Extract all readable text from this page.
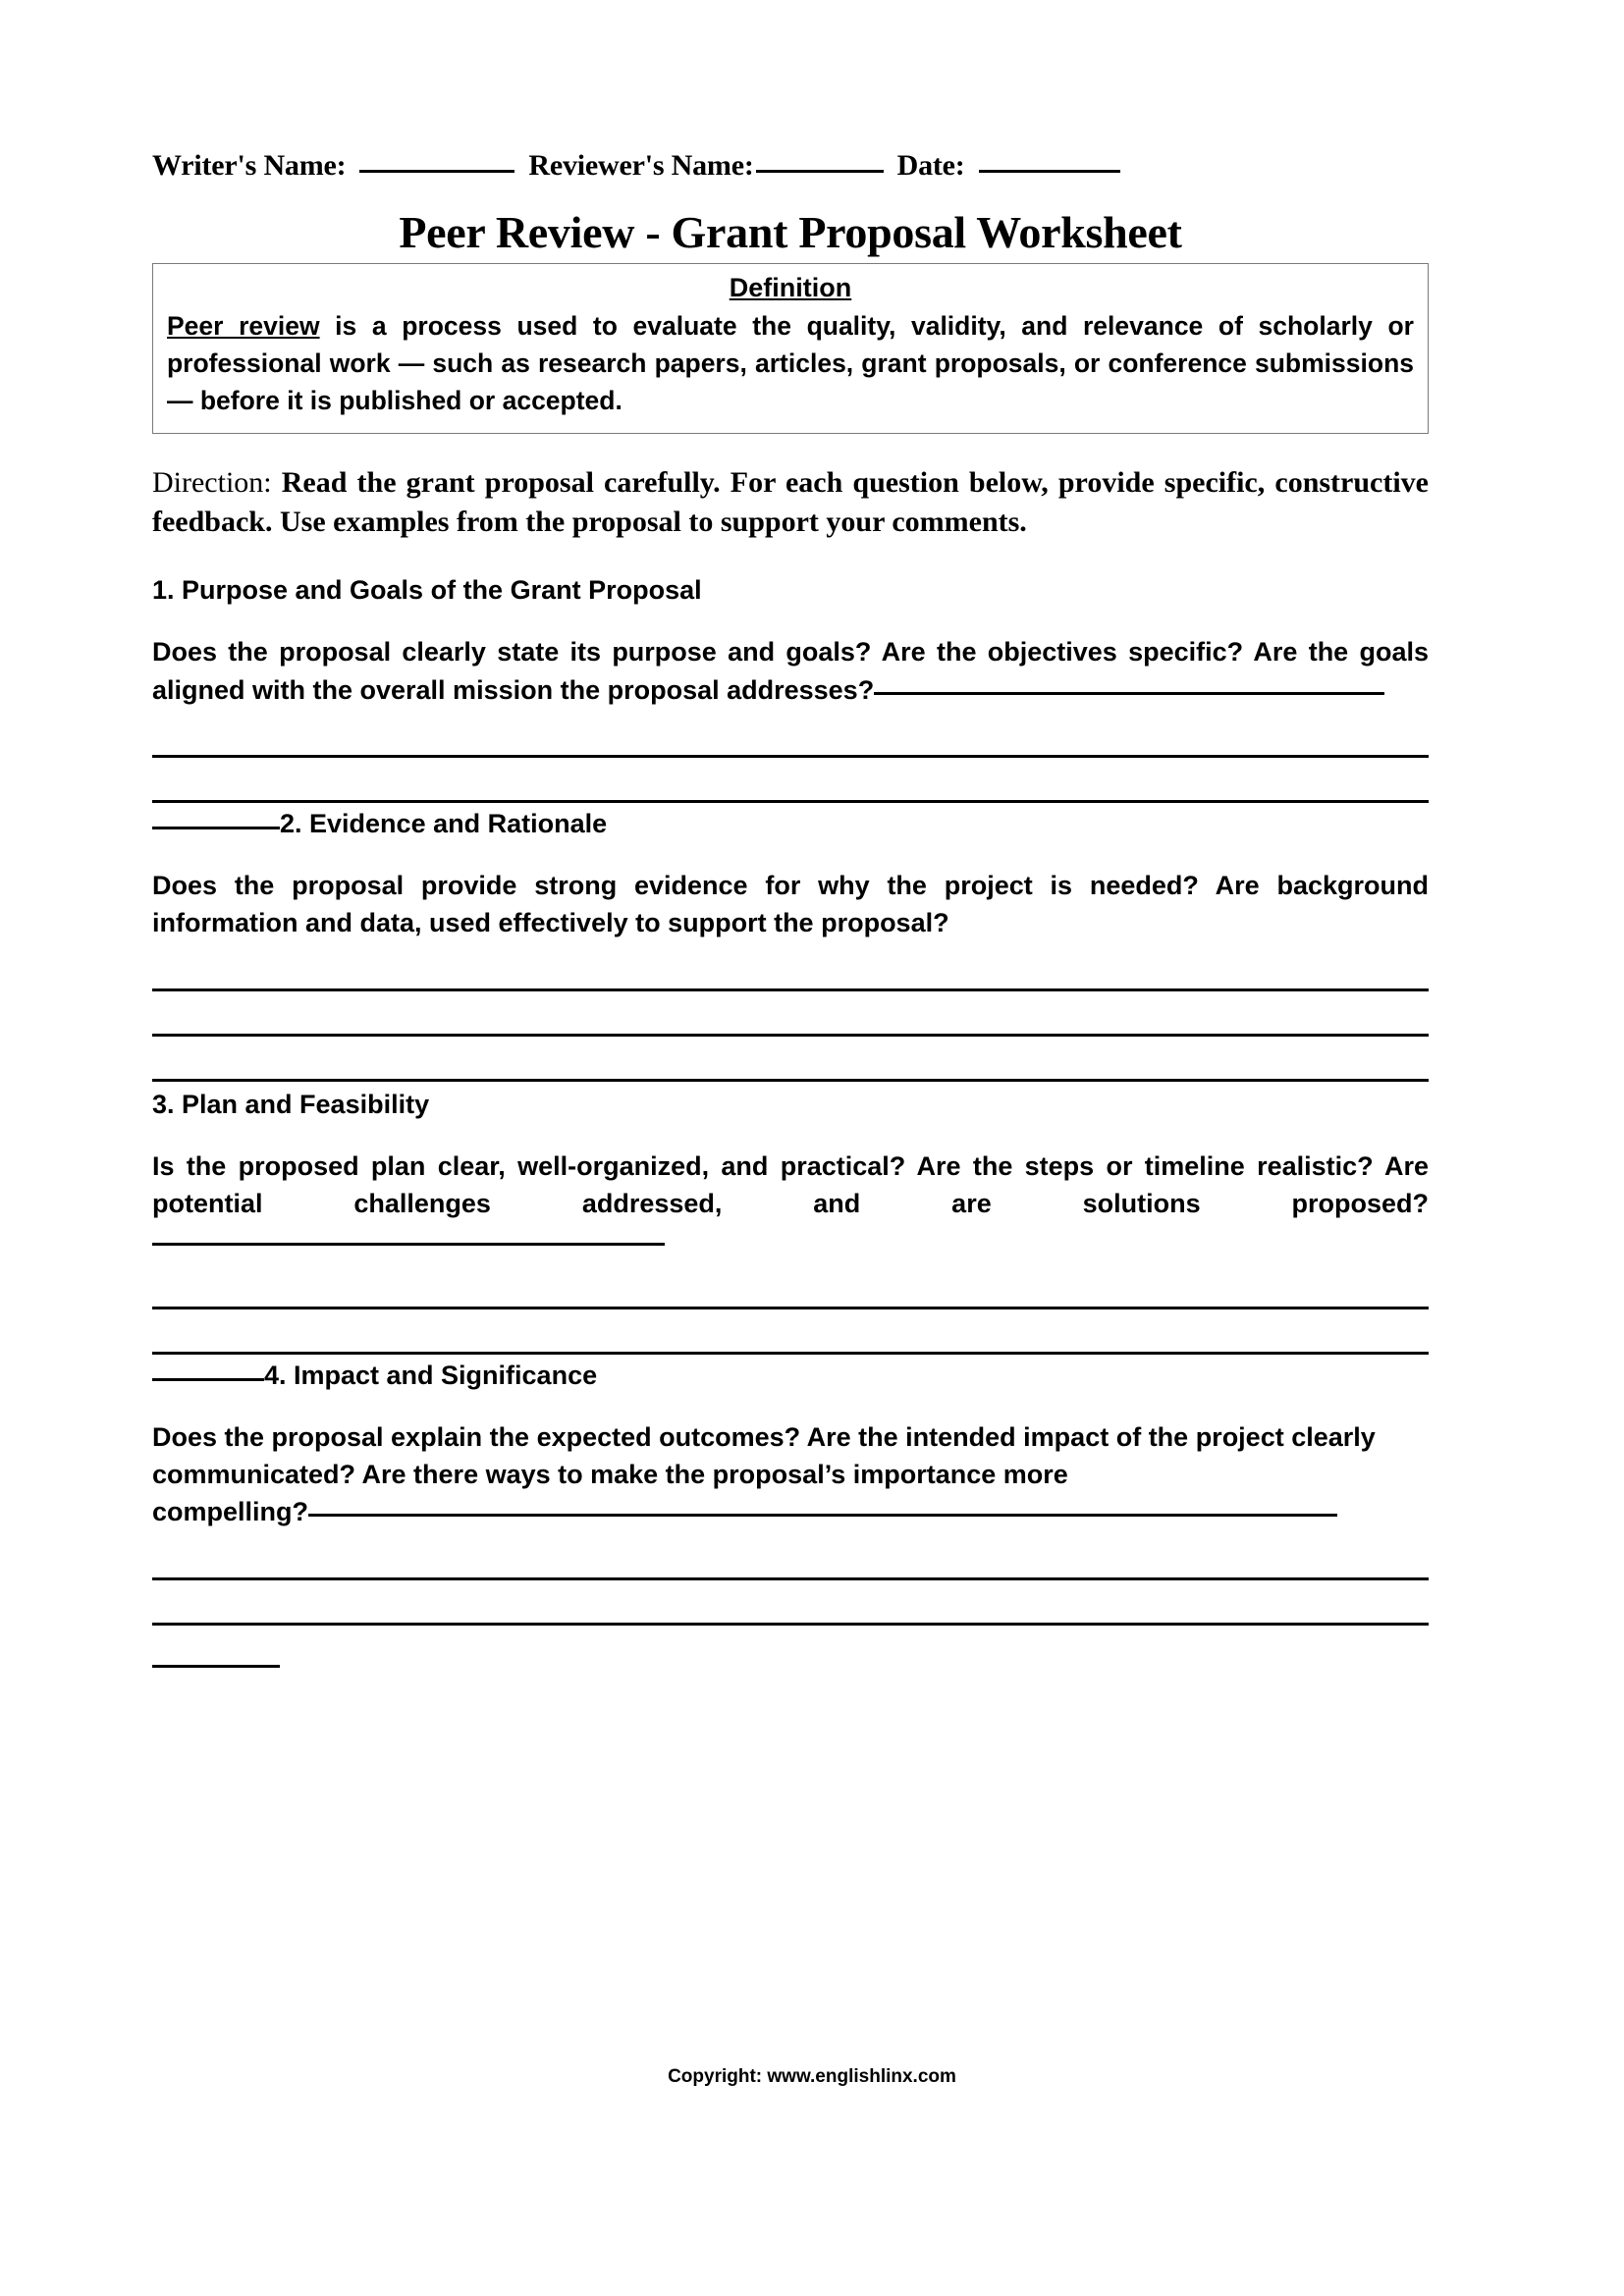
Writer's Name:	Reviewer's Name:	Date:
Peer Review - Grant Proposal Worksheet
Definition
Peer review is a process used to evaluate the quality, validity, and relevance of scholarly or professional work — such as research papers, articles, grant proposals, or conference submissions — before it is published or accepted.
Direction: Read the grant proposal carefully. For each question below, provide specific, constructive feedback. Use examples from the proposal to support your comments.
1. Purpose and Goals of the Grant Proposal
Does the proposal clearly state its purpose and goals? Are the objectives specific? Are the goals aligned with the overall mission the proposal addresses?
2. Evidence and Rationale
Does the proposal provide strong evidence for why the project is needed? Are background information and data, used effectively to support the proposal?
3. Plan and Feasibility
Is the proposed plan clear, well-organized, and practical? Are the steps or timeline realistic? Are potential challenges addressed, and are solutions proposed?
4. Impact and Significance
Does the proposal explain the expected outcomes? Are the intended impact of the project clearly communicated? Are there ways to make the proposal’s importance more
compelling?
Copyright: www.englishlinx.com
